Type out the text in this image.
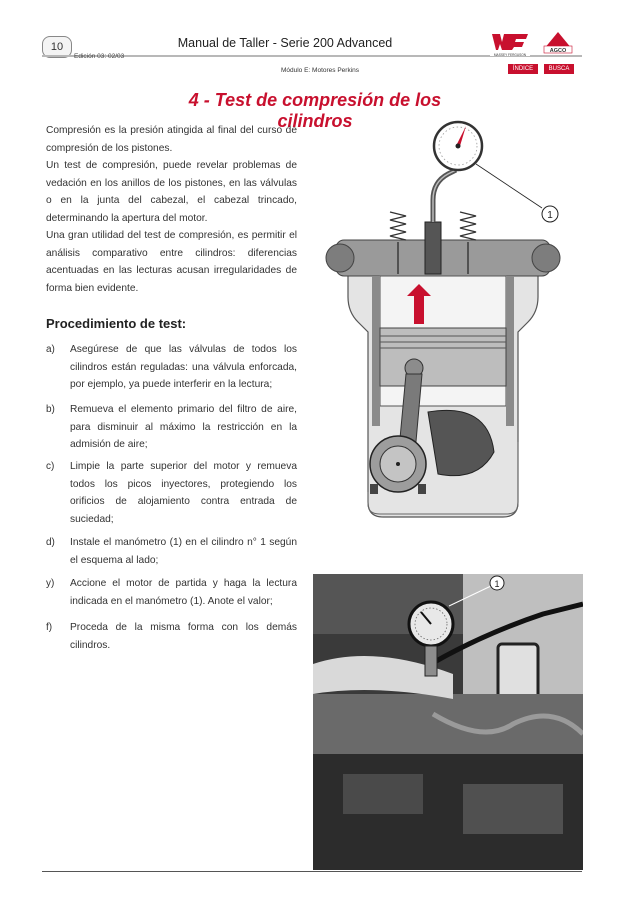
10	Manual de Taller - Serie 200 Advanced
Edición 03: 02/03
Módulo E: Motores Perkins	ÍNDICE	BUSCA
MASSEY FERGUSON
AGCO
4 - Test de compresión de los cilindros
Compresión es la presión atingida al final del curso de compresión de los pistones.
Un test de compresión, puede revelar problemas de vedación en los anillos de los pistones, en las válvulas o en la junta del cabezal, el cabezal trincado, determinando la apertura del motor.
Una gran utilidad del test de compresión, es permitir el análisis comparativo entre cilindros: diferencias acentuadas en las lecturas acusan irregularidades de forma bien evidente.
Procedimiento de test:
a) Asegúrese de que las válvulas de todos los cilindros están reguladas: una válvula enforcada, por ejemplo, ya puede interferir en la lectura;
b) Remueva el elemento primario del filtro de aire, para disminuir al máximo la restricción en la admisión de aire;
c) Limpie la parte superior del motor y remueva todos los picos inyectores, protegiendo los orificios de alojamiento contra entrada de suciedad;
d) Instale el manómetro (1) en el cilindro n° 1 según el esquema al lado;
y) Accione el motor de partida y haga la lectura indicada en el manómetro (1). Anote el valor;
f) Proceda de la misma forma con los demás cilindros.
1
1
